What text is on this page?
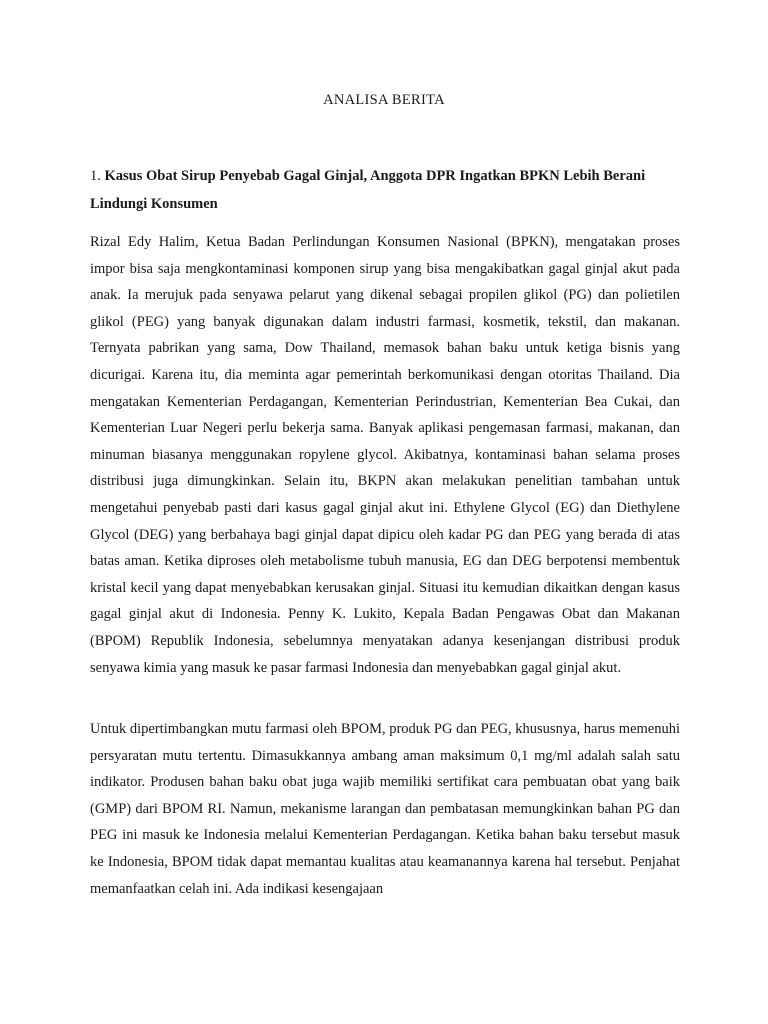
ANALISA BERITA
1. Kasus Obat Sirup Penyebab Gagal Ginjal, Anggota DPR Ingatkan BPKN Lebih Berani Lindungi Konsumen

Rizal Edy Halim, Ketua Badan Perlindungan Konsumen Nasional (BPKN), mengatakan proses impor bisa saja mengkontaminasi komponen sirup yang bisa mengakibatkan gagal ginjal akut pada anak. Ia merujuk pada senyawa pelarut yang dikenal sebagai propilen glikol (PG) dan polietilen glikol (PEG) yang banyak digunakan dalam industri farmasi, kosmetik, tekstil, dan makanan. Ternyata pabrikan yang sama, Dow Thailand, memasok bahan baku untuk ketiga bisnis yang dicurigai. Karena itu, dia meminta agar pemerintah berkomunikasi dengan otoritas Thailand. Dia mengatakan Kementerian Perdagangan, Kementerian Perindustrian, Kementerian Bea Cukai, dan Kementerian Luar Negeri perlu bekerja sama. Banyak aplikasi pengemasan farmasi, makanan, dan minuman biasanya menggunakan ropylene glycol. Akibatnya, kontaminasi bahan selama proses distribusi juga dimungkinkan. Selain itu, BKPN akan melakukan penelitian tambahan untuk mengetahui penyebab pasti dari kasus gagal ginjal akut ini. Ethylene Glycol (EG) dan Diethylene Glycol (DEG) yang berbahaya bagi ginjal dapat dipicu oleh kadar PG dan PEG yang berada di atas batas aman. Ketika diproses oleh metabolisme tubuh manusia, EG dan DEG berpotensi membentuk kristal kecil yang dapat menyebabkan kerusakan ginjal. Situasi itu kemudian dikaitkan dengan kasus gagal ginjal akut di Indonesia. Penny K. Lukito, Kepala Badan Pengawas Obat dan Makanan (BPOM) Republik Indonesia, sebelumnya menyatakan adanya kesenjangan distribusi produk senyawa kimia yang masuk ke pasar farmasi Indonesia dan menyebabkan gagal ginjal akut.

Untuk dipertimbangkan mutu farmasi oleh BPOM, produk PG dan PEG, khususnya, harus memenuhi persyaratan mutu tertentu. Dimasukkannya ambang aman maksimum 0,1 mg/ml adalah salah satu indikator. Produsen bahan baku obat juga wajib memiliki sertifikat cara pembuatan obat yang baik (GMP) dari BPOM RI. Namun, mekanisme larangan dan pembatasan memungkinkan bahan PG dan PEG ini masuk ke Indonesia melalui Kementerian Perdagangan. Ketika bahan baku tersebut masuk ke Indonesia, BPOM tidak dapat memantau kualitas atau keamanannya karena hal tersebut. Penjahat memanfaatkan celah ini. Ada indikasi kesengajaan
